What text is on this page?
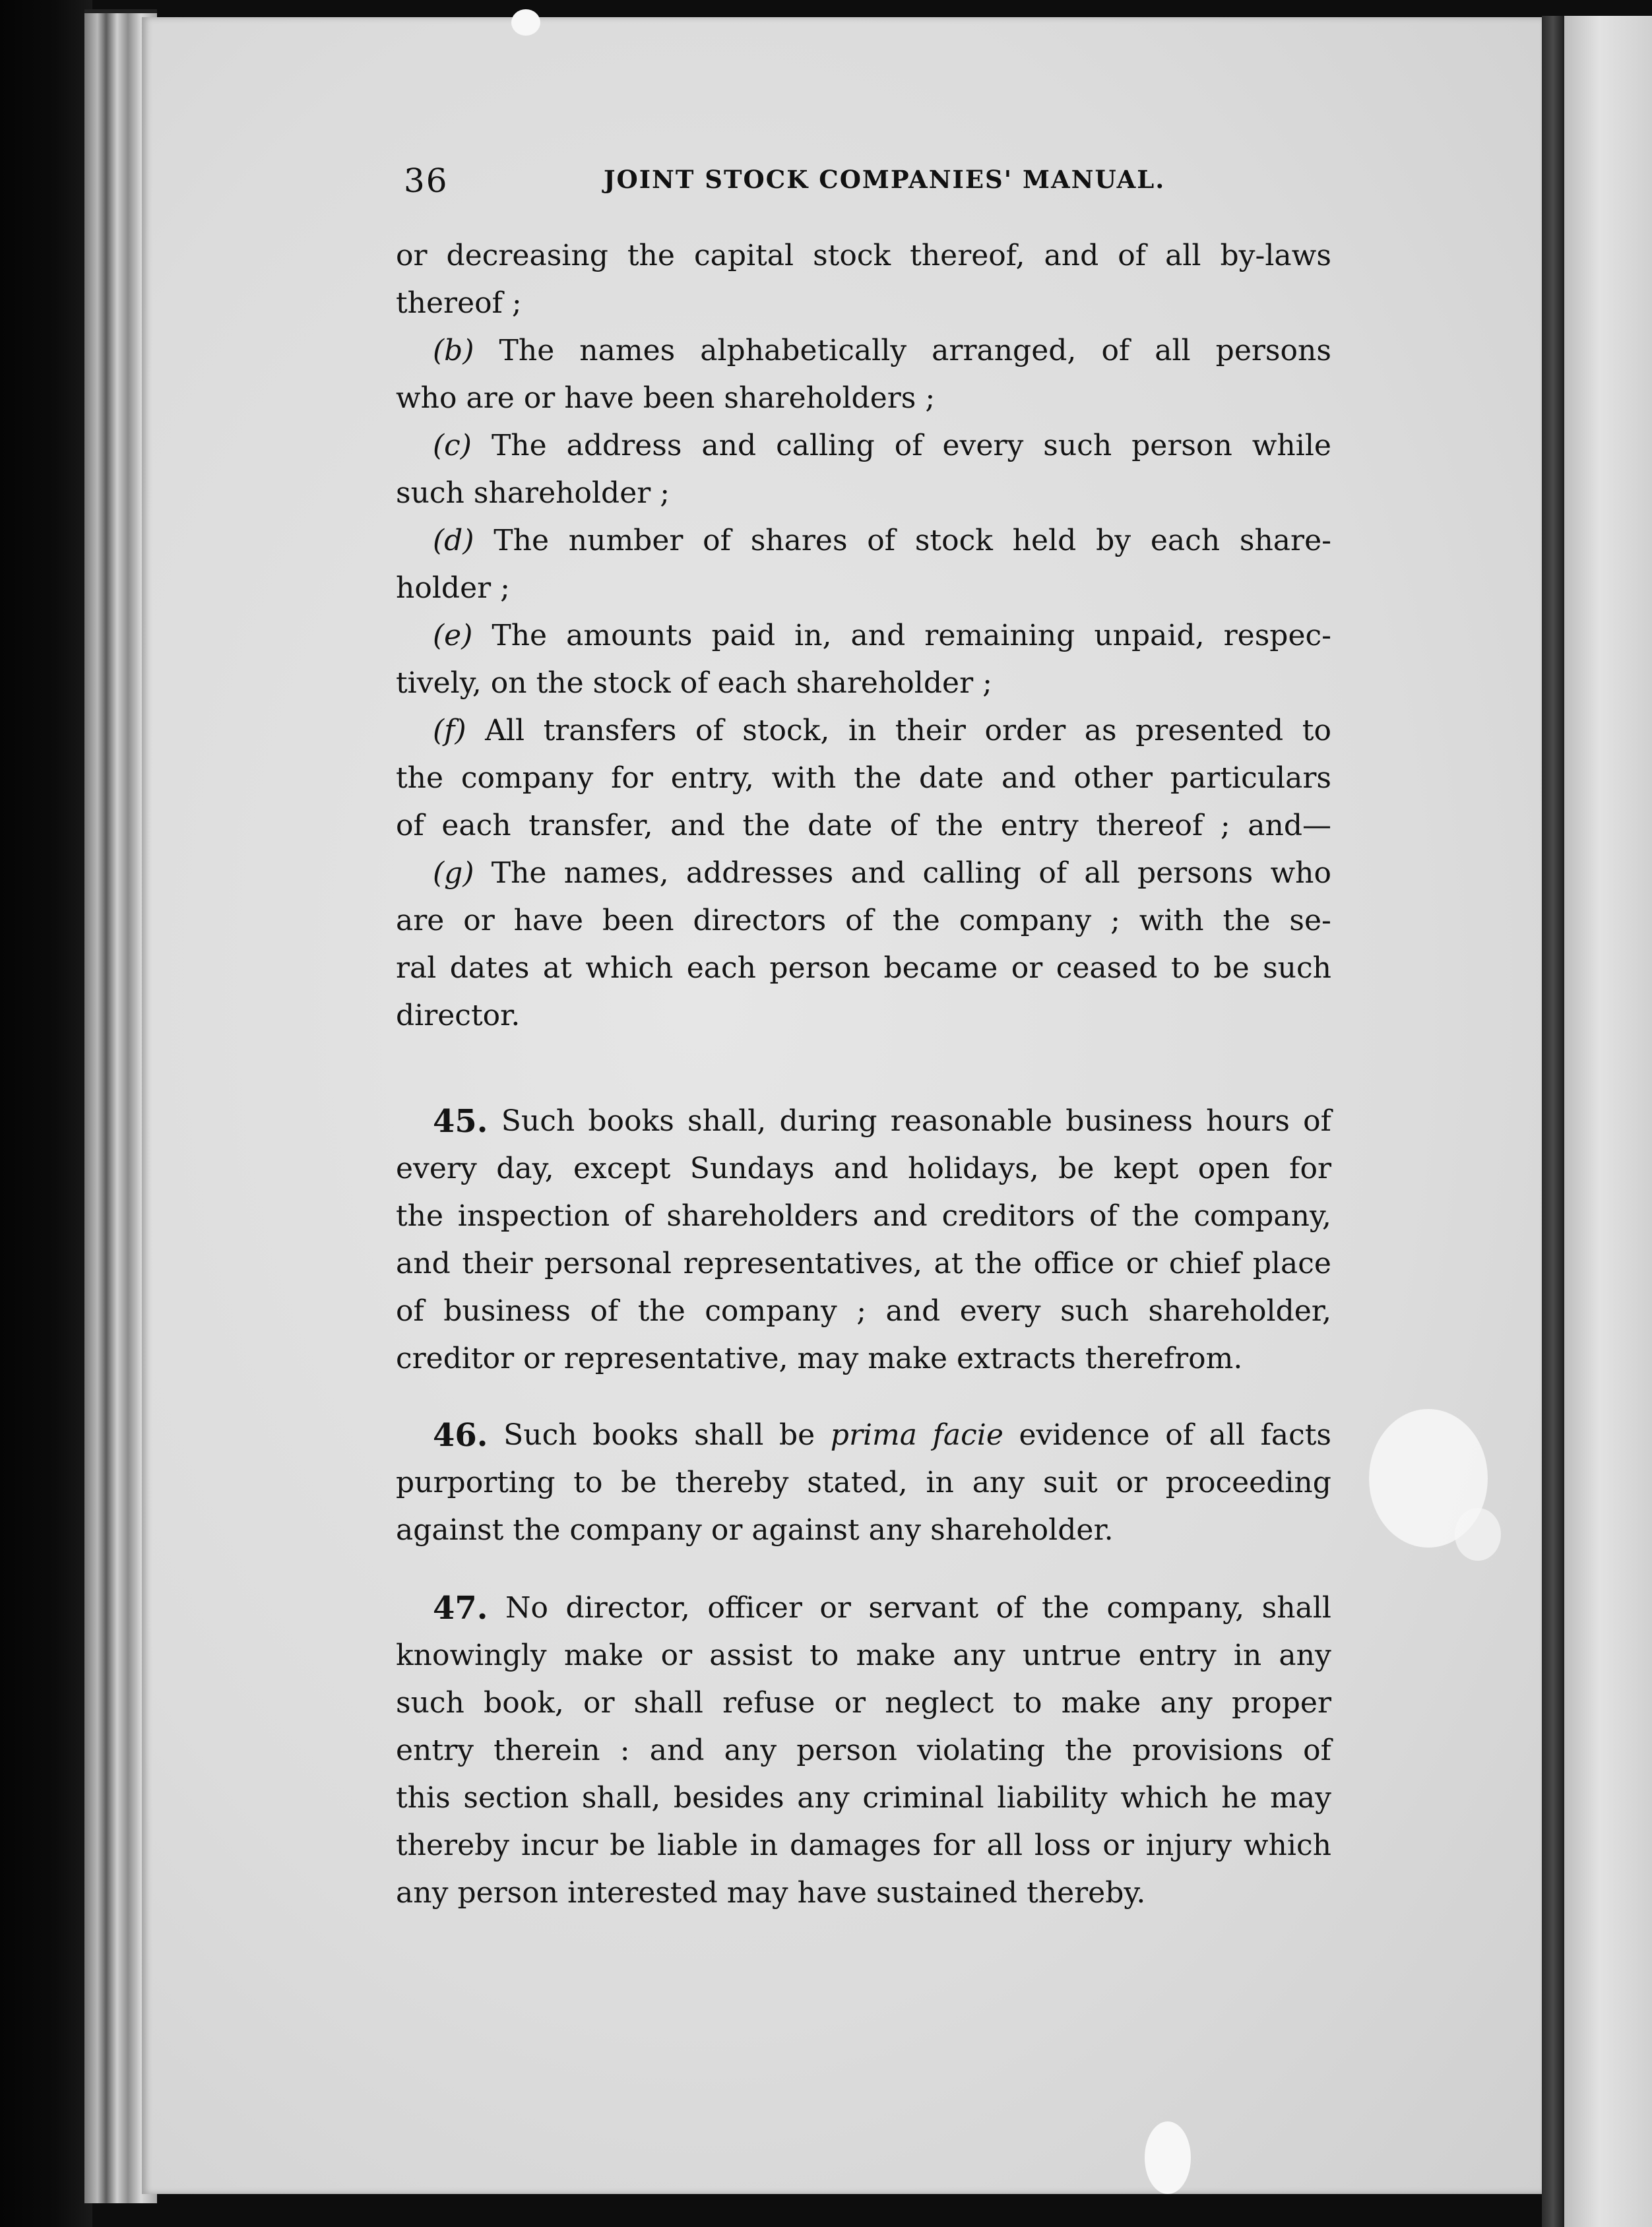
36	JOINT STOCK COMPANIES' MANUAL.
or decreasing the capital stock thereof, and of all by-laws
thereof ;
(b) The names alphabetically arranged, of all persons
who are or have been shareholders ;
(c) The address and calling of every such person while
such shareholder ;
(d) The number of shares of stock held by each share-
holder ;
(e) The amounts paid in, and remaining unpaid, respec-
tively, on the stock of each shareholder ;
(f) All transfers of stock, in their order as presented to
the company for entry, with the date and other particulars
of each transfer, and the date of the entry thereof ; and—
(g) The names, addresses and calling of all persons who
are or have been directors of the company ; with the se-
ral dates at which each person became or ceased to be such
director.
45. Such books shall, during reasonable business hours of
every day, except Sundays and holidays, be kept open for
the inspection of shareholders and creditors of the company,
and their personal representatives, at the office or chief place
of business of the company ; and every such shareholder,
creditor or representative, may make extracts therefrom.
46. Such books shall be prima facie evidence of all facts
purporting to be thereby stated, in any suit or proceeding
against the company or against any shareholder.
47. No director, officer or servant of the company, shall
knowingly make or assist to make any untrue entry in any
such book, or shall refuse or neglect to make any proper
entry therein : and any person violating the provisions of
this section shall, besides any criminal liability which he may
thereby incur be liable in damages for all loss or injury which
any person interested may have sustained thereby.
